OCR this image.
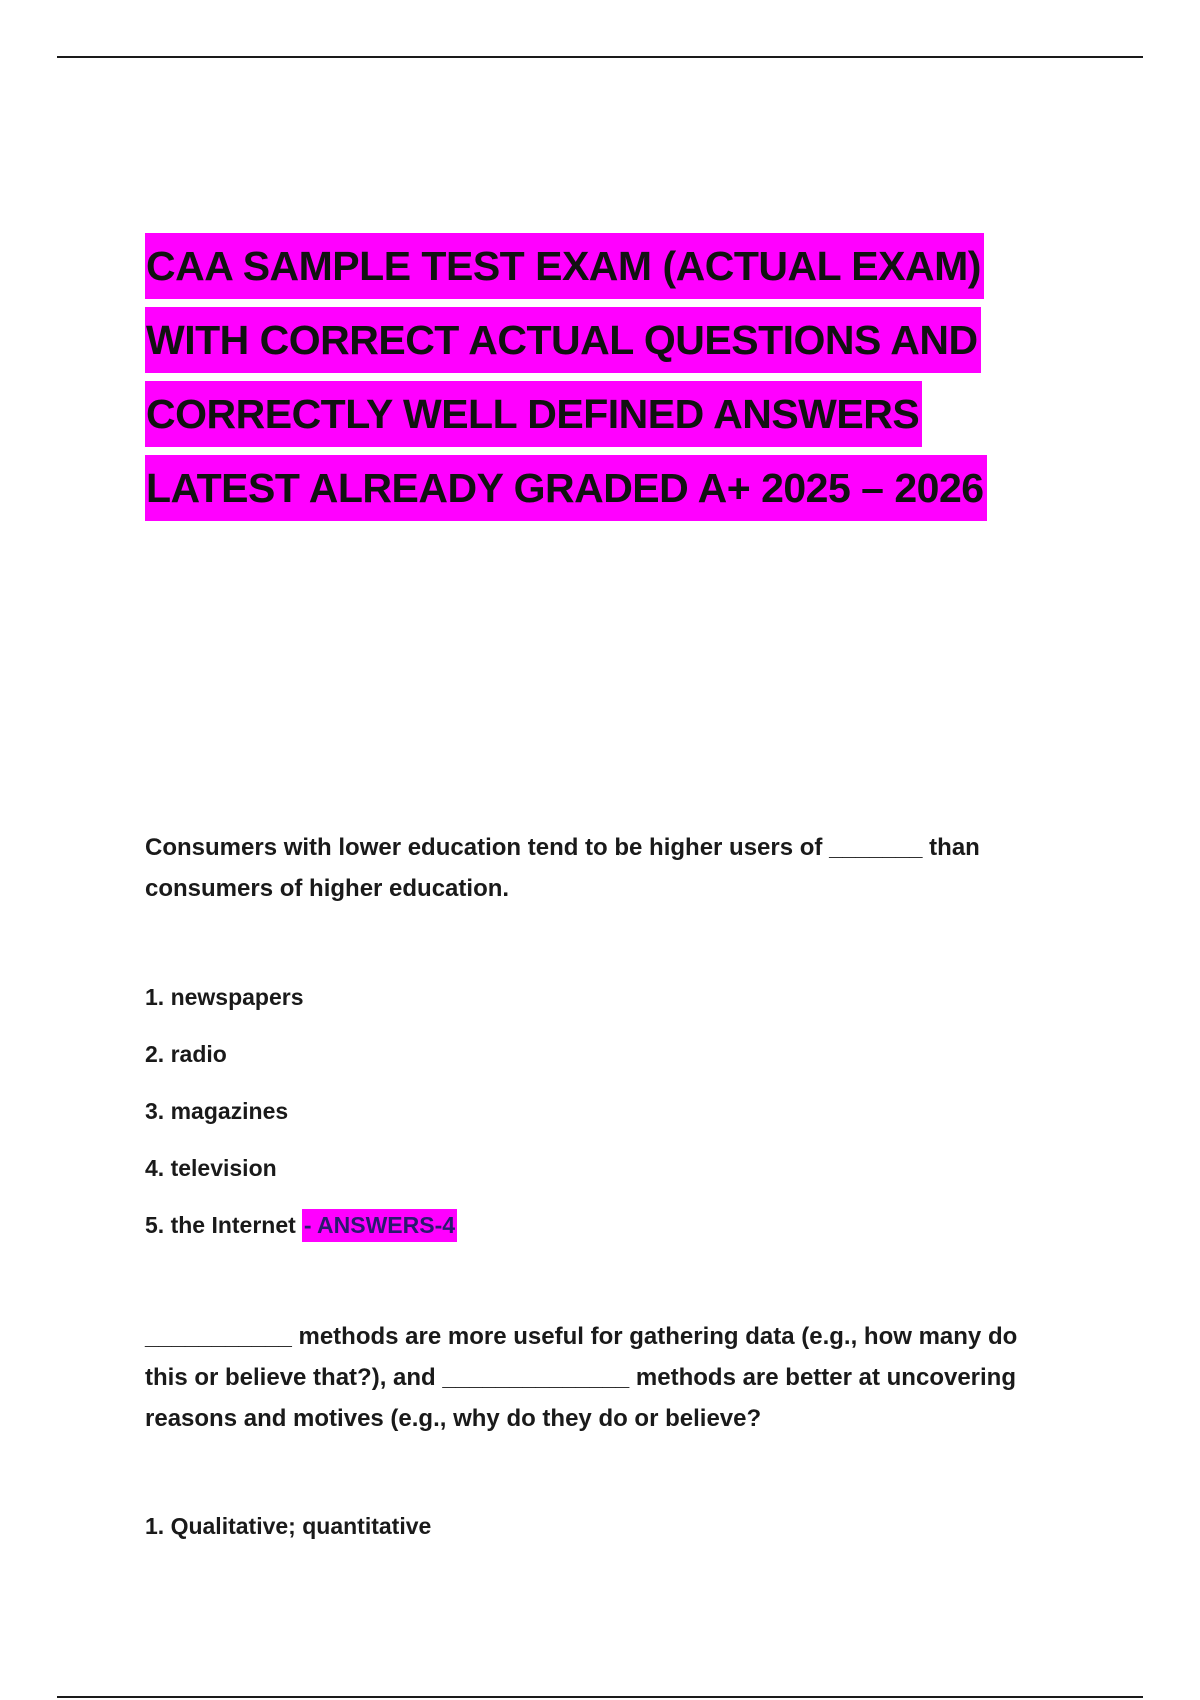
CAA SAMPLE TEST EXAM (ACTUAL EXAM)
WITH CORRECT ACTUAL QUESTIONS AND
CORRECTLY WELL DEFINED ANSWERS
LATEST ALREADY GRADED A+ 2025 – 2026

Consumers with lower education tend to be higher users of _______ than consumers of higher education.

1. newspapers
2. radio
3. magazines
4. television
5. the Internet - ANSWERS-4

___________ methods are more useful for gathering data (e.g., how many do this or believe that?), and ______________ methods are better at uncovering reasons and motives (e.g., why do they do or believe?

1. Qualitative; quantitative
